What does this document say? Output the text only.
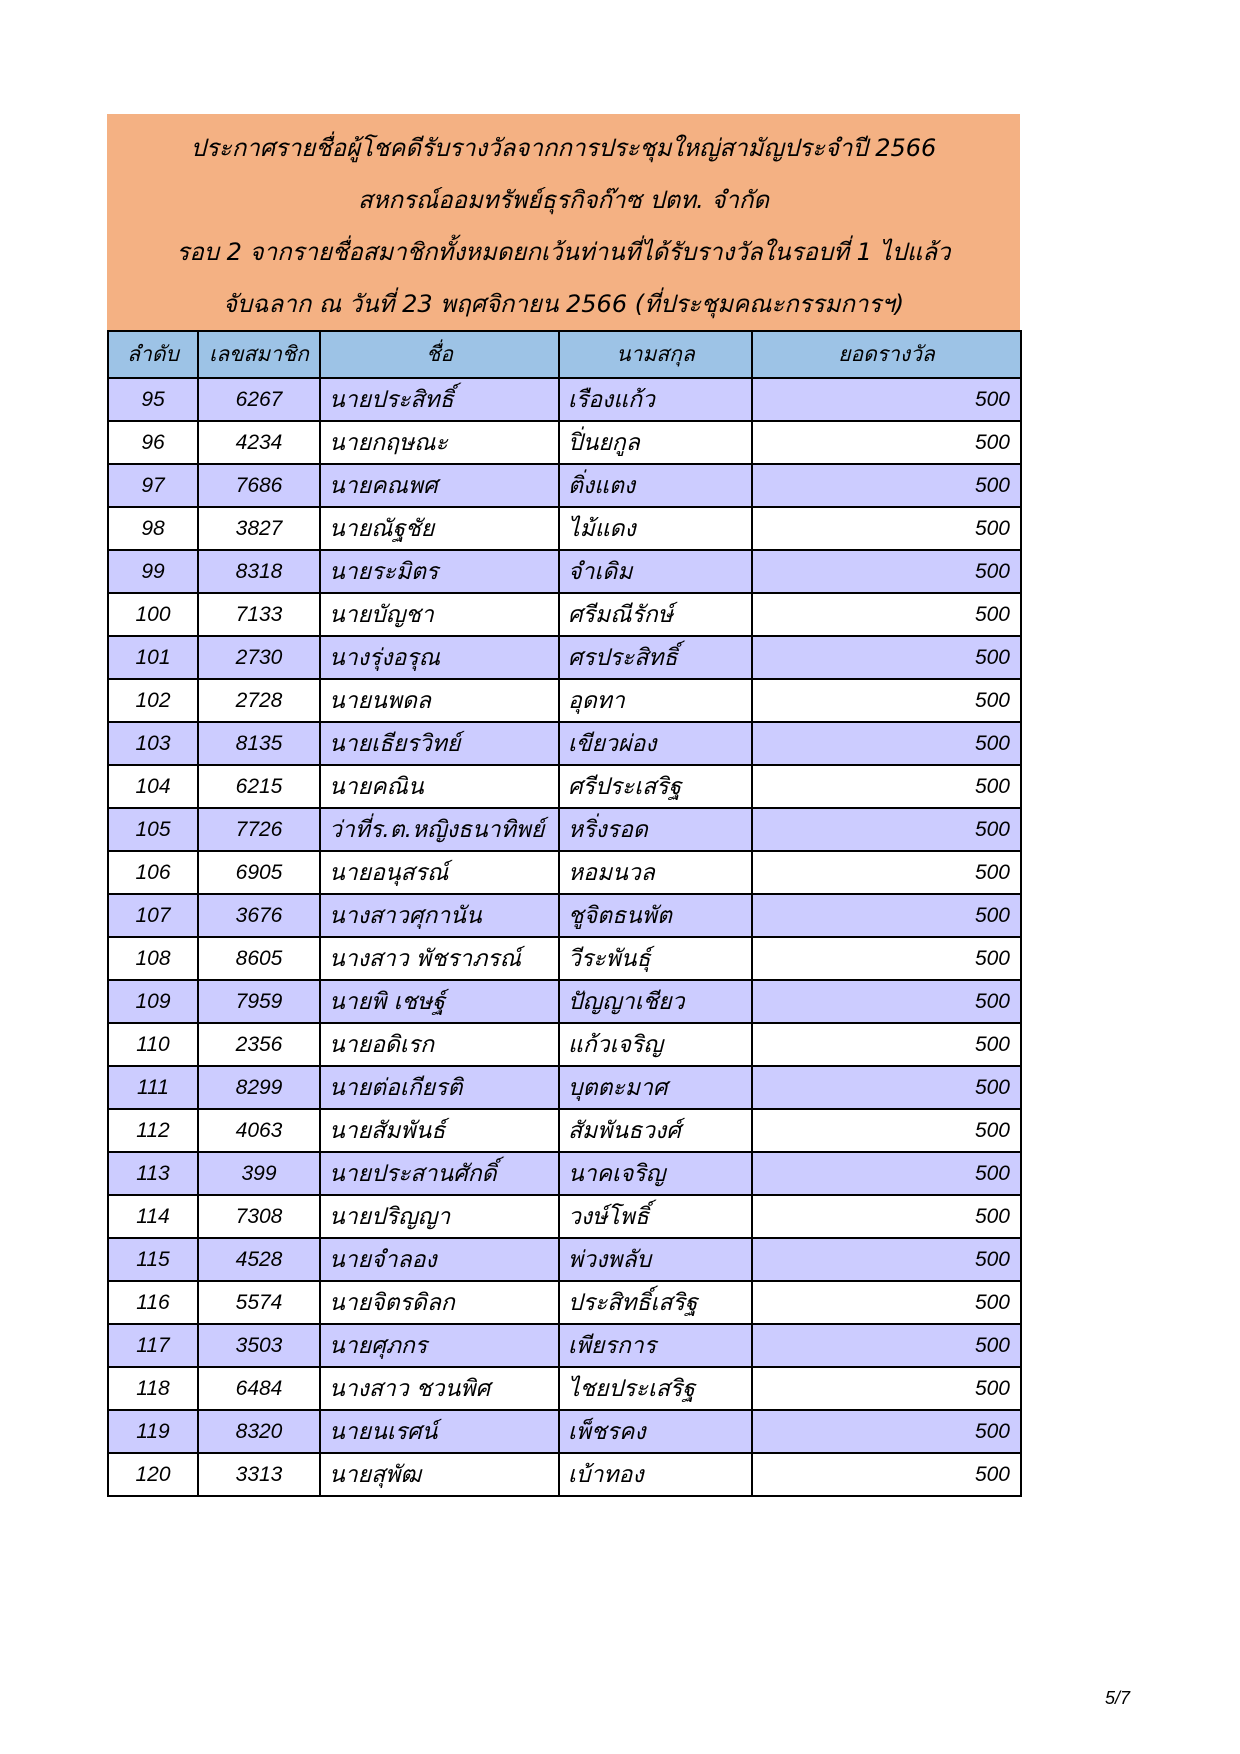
ประกาศรายชื่อผู้โชคดีรับรางวัลจากการประชุมใหญ่สามัญประจำปี 2566
สหกรณ์ออมทรัพย์ธุรกิจก๊าซ ปตท. จำกัด
รอบ 2 จากรายชื่อสมาชิกทั้งหมดยกเว้นท่านที่ได้รับรางวัลในรอบที่ 1 ไปแล้ว
จับฉลาก ณ วันที่ 23 พฤศจิกายน 2566 (ที่ประชุมคณะกรรมการฯ)
ลำดับ	เลขสมาชิก	ชื่อ	นามสกุล	ยอดรางวัล
95	6267	นายประสิทธิ์	เรืองแก้ว	500
96	4234	นายกฤษณะ	ปิ่นยกูล	500
97	7686	นายคณพศ	ติ่งแตง	500
98	3827	นายณัฐชัย	ไม้แดง	500
99	8318	นายระมิตร	จำเดิม	500
100	7133	นายบัญชา	ศรีมณีรักษ์	500
101	2730	นางรุ่งอรุณ	ศรประสิทธิ์	500
102	2728	นายนพดล	อุดทา	500
103	8135	นายเธียรวิทย์	เขียวผ่อง	500
104	6215	นายคณิน	ศรีประเสริฐ	500
105	7726	ว่าที่ร.ต.หญิงธนาทิพย์	หริ่งรอด	500
106	6905	นายอนุสรณ์	หอมนวล	500
107	3676	นางสาวศุกานัน	ชูจิตธนพัต	500
108	8605	นางสาว พัชราภรณ์	วีระพันธุ์	500
109	7959	นายพิ เชษฐ์	ปัญญาเชียว	500
110	2356	นายอดิเรก	แก้วเจริญ	500
111	8299	นายต่อเกียรติ	บุตตะมาศ	500
112	4063	นายสัมพันธ์	สัมพันธวงศ์	500
113	399	นายประสานศักดิ์	นาคเจริญ	500
114	7308	นายปริญญา	วงษ์โพธิ์	500
115	4528	นายจำลอง	พ่วงพลับ	500
116	5574	นายจิตรดิลก	ประสิทธิ์เสริฐ	500
117	3503	นายศุภกร	เพียรการ	500
118	6484	นางสาว ชวนพิศ	ไชยประเสริฐ	500
119	8320	นายนเรศน์	เพ็ชรคง	500
120	3313	นายสุพัฒ	เบ้าทอง	500
5/7
